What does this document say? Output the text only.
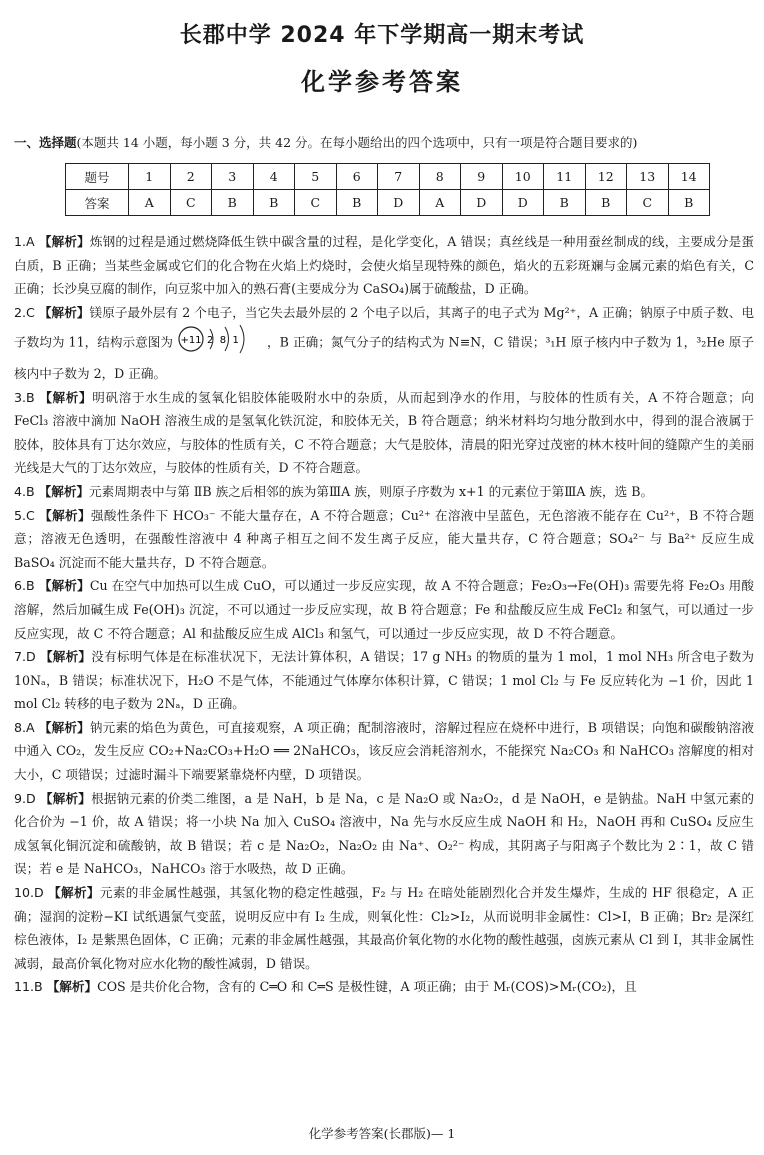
长郡中学 2024 年下学期高一期末考试
化学参考答案
一、选择题(本题共 14 小题，每小题 3 分，共 42 分。在每小题给出的四个选项中，只有一项是符合题目要求的)
题号	1	2	3	4	5	6	7	8	9	10	11	12	13	14
答案	A	C	B	B	C	B	D	A	D	D	B	B	C	B
1.A 【解析】炼钢的过程是通过燃烧降低生铁中碳含量的过程，是化学变化，A 错误；真丝线是一种用蚕丝制成的线，主要成分是蛋白质，B 正确；当某些金属或它们的化合物在火焰上灼烧时，会使火焰呈现特殊的颜色，焰火的五彩斑斓与金属元素的焰色有关，C 正确；长沙臭豆腐的制作，向豆浆中加入的熟石膏(主要成分为 CaSO₄)属于硫酸盐，D 正确。
2.C 【解析】镁原子最外层有 2 个电子，当它失去最外层的 2 个电子以后，其离子的电子式为 Mg²⁺，A 正确；钠原子中质子数、电子数均为 11，结构示意图为 +11 2  8  1 ，B 正确；氮气分子的结构式为 N≡N，C 错误；³₁H 原子核内中子数为 1，³₂He 原子核内中子数为 2，D 正确。
3.B 【解析】明矾溶于水生成的氢氧化铝胶体能吸附水中的杂质，从而起到净水的作用，与胶体的性质有关，A 不符合题意；向 FeCl₃ 溶液中滴加 NaOH 溶液生成的是氢氧化铁沉淀，和胶体无关，B 符合题意；纳米材料均匀地分散到水中，得到的混合液属于胶体，胶体具有丁达尔效应，与胶体的性质有关，C 不符合题意；大气是胶体，清晨的阳光穿过茂密的林木枝叶间的缝隙产生的美丽光线是大气的丁达尔效应，与胶体的性质有关，D 不符合题意。
4.B 【解析】元素周期表中与第 ⅡB 族之后相邻的族为第ⅢA 族，则原子序数为 x+1 的元素位于第ⅢA 族，选 B。
5.C 【解析】强酸性条件下 HCO₃⁻ 不能大量存在，A 不符合题意；Cu²⁺ 在溶液中呈蓝色，无色溶液不能存在 Cu²⁺，B 不符合题意；溶液无色透明，在强酸性溶液中 4 种离子相互之间不发生离子反应，能大量共存，C 符合题意；SO₄²⁻ 与 Ba²⁺ 反应生成 BaSO₄ 沉淀而不能大量共存，D 不符合题意。
6.B 【解析】Cu 在空气中加热可以生成 CuO，可以通过一步反应实现，故 A 不符合题意；Fe₂O₃→Fe(OH)₃ 需要先将 Fe₂O₃ 用酸溶解，然后加碱生成 Fe(OH)₃ 沉淀，不可以通过一步反应实现，故 B 符合题意；Fe 和盐酸反应生成 FeCl₂ 和氢气，可以通过一步反应实现，故 C 不符合题意；Al 和盐酸反应生成 AlCl₃ 和氢气，可以通过一步反应实现，故 D 不符合题意。
7.D 【解析】没有标明气体是在标准状况下，无法计算体积，A 错误；17 g NH₃ 的物质的量为 1 mol，1 mol NH₃ 所含电子数为 10Nₐ，B 错误；标准状况下，H₂O 不是气体，不能通过气体摩尔体积计算，C 错误；1 mol Cl₂ 与 Fe 反应转化为 −1 价，因此 1 mol Cl₂ 转移的电子数为 2Nₐ，D 正确。
8.A 【解析】钠元素的焰色为黄色，可直接观察，A 项正确；配制溶液时，溶解过程应在烧杯中进行，B 项错误；向饱和碳酸钠溶液中通入 CO₂，发生反应 CO₂+Na₂CO₃+H₂O ══ 2NaHCO₃，该反应会消耗溶剂水，不能探究 Na₂CO₃ 和 NaHCO₃ 溶解度的相对大小，C 项错误；过滤时漏斗下端要紧靠烧杯内壁，D 项错误。
9.D 【解析】根据钠元素的价类二维图，a 是 NaH，b 是 Na，c 是 Na₂O 或 Na₂O₂，d 是 NaOH，e 是钠盐。NaH 中氢元素的化合价为 −1 价，故 A 错误；将一小块 Na 加入 CuSO₄ 溶液中，Na 先与水反应生成 NaOH 和 H₂，NaOH 再和 CuSO₄ 反应生成氢氧化铜沉淀和硫酸钠，故 B 错误；若 c 是 Na₂O₂，Na₂O₂ 由 Na⁺、O₂²⁻ 构成，其阴离子与阳离子个数比为 2∶1，故 C 错误；若 e 是 NaHCO₃，NaHCO₃ 溶于水吸热，故 D 正确。
10.D 【解析】元素的非金属性越强，其氢化物的稳定性越强，F₂ 与 H₂ 在暗处能剧烈化合并发生爆炸，生成的 HF 很稳定，A 正确；湿润的淀粉−KI 试纸遇氯气变蓝，说明反应中有 I₂ 生成，则氧化性：Cl₂>I₂，从而说明非金属性：Cl>I，B 正确；Br₂ 是深红棕色液体，I₂ 是紫黑色固体，C 正确；元素的非金属性越强，其最高价氧化物的水化物的酸性越强，卤族元素从 Cl 到 I，其非金属性减弱，最高价氧化物对应水化物的酸性减弱，D 错误。
11.B 【解析】COS 是共价化合物，含有的 C═O 和 C═S 是极性键，A 项正确；由于 Mᵣ(COS)>Mᵣ(CO₂)，且
化学参考答案(长郡版)— 1
